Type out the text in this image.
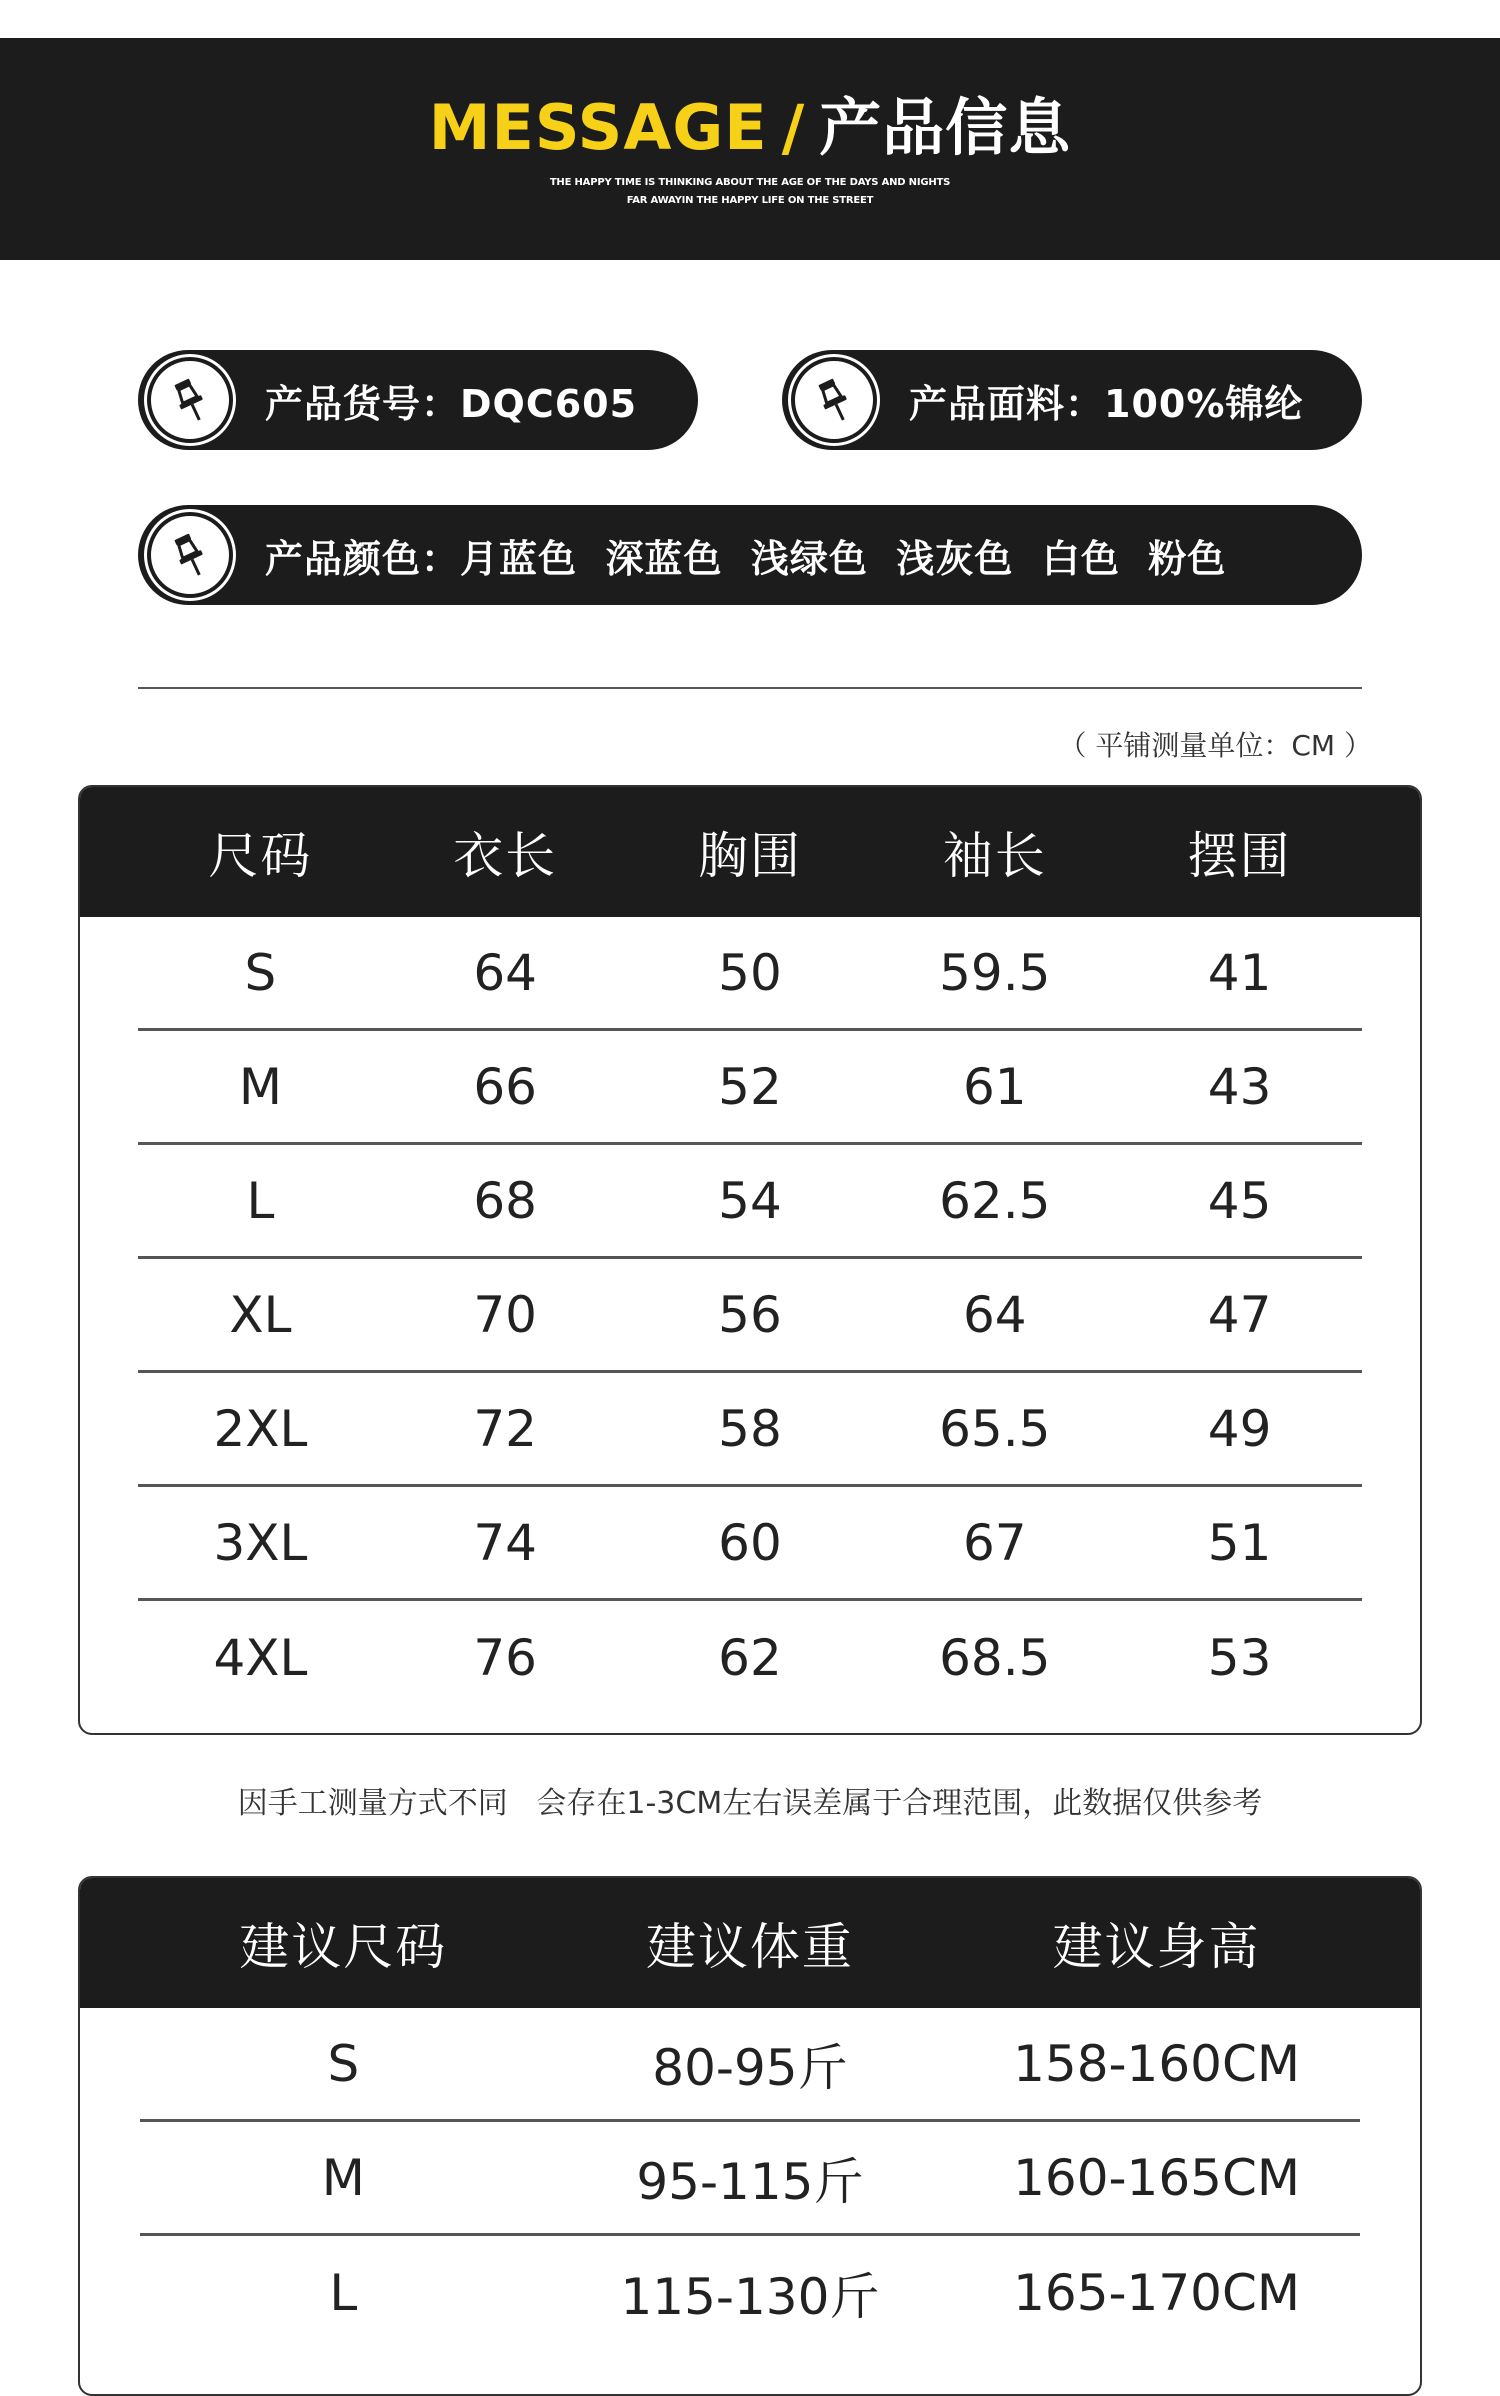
MESSAGE / 产品信息
THE HAPPY TIME IS THINKING ABOUT THE AGE OF THE DAYS AND NIGHTS
FAR AWAYIN THE HAPPY LIFE ON THE STREET
产品货号：DQC605	产品面料：100%锦纶
产品颜色：月蓝色  深蓝色  浅绿色  浅灰色  白色  粉色
（ 平铺测量单位：CM ）
尺码	衣长	胸围	袖长	摆围
S	64	50	59.5	41
M	66	52	61	43
L	68	54	62.5	45
XL	70	56	64	47
2XL	72	58	65.5	49
3XL	74	60	67	51
4XL	76	62	68.5	53
因手工测量方式不同   会存在1-3CM左右误差属于合理范围，此数据仅供参考
建议尺码	建议体重	建议身高
S	80-95斤	158-160CM
M	95-115斤	160-165CM
L	115-130斤	165-170CM
